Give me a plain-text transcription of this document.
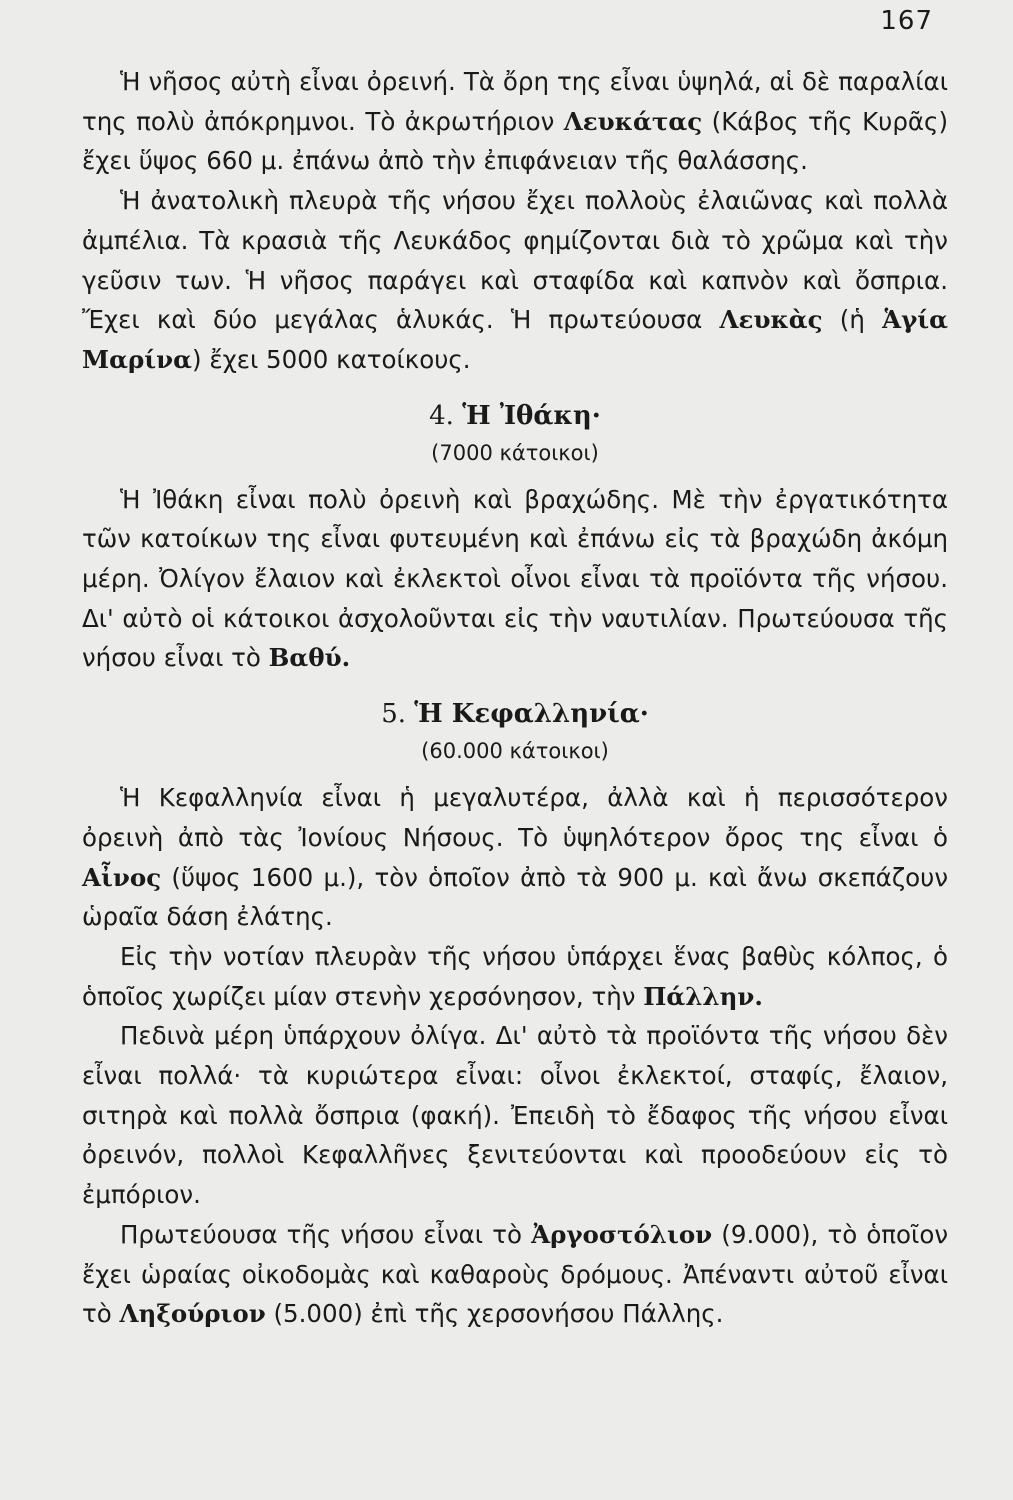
167

Ἡ νῆσος αὐτὴ εἶναι ὀρεινή. Τὰ ὄρη της εἶναι ὑψηλά, αἱ δὲ παραλίαι της πολὺ ἀπόκρημνοι. Τὸ ἀκρωτήριον Λευκάτας (Κάβος τῆς Κυρᾶς) ἔχει ὕψος 660 μ. ἐπάνω ἀπὸ τὴν ἐπιφάνειαν τῆς θαλάσσης.

Ἡ ἀνατολικὴ πλευρὰ τῆς νήσου ἔχει πολλοὺς ἐλαιῶνας καὶ πολλὰ ἀμπέλια. Τὰ κρασιὰ τῆς Λευκάδος φημίζονται διὰ τὸ χρῶμα καὶ τὴν γεῦσιν των. Ἡ νῆσος παράγει καὶ σταφίδα καὶ καπνὸν καὶ ὄσπρια. Ἔχει καὶ δύο μεγάλας ἁλυκάς. Ἡ πρωτεύουσα Λευκὰς (ἡ Ἁγία Μαρίνα) ἔχει 5000 κατοίκους.

4. Ἡ Ἰθάκη·
(7000 κάτοικοι)

Ἡ Ἰθάκη εἶναι πολὺ ὀρεινὴ καὶ βραχώδης. Μὲ τὴν ἐργατικότητα τῶν κατοίκων της εἶναι φυτευμένη καὶ ἐπάνω εἰς τὰ βραχώδη ἀκόμη μέρη. Ὀλίγον ἔλαιον καὶ ἐκλεκτοὶ οἶνοι εἶναι τὰ προϊόντα τῆς νήσου. Δι' αὐτὸ οἱ κάτοικοι ἀσχολοῦνται εἰς τὴν ναυτιλίαν. Πρωτεύουσα τῆς νήσου εἶναι τὸ Βαθύ.

5. Ἡ Κεφαλληνία·
(60.000 κάτοικοι)

Ἡ Κεφαλληνία εἶναι ἡ μεγαλυτέρα, ἀλλὰ καὶ ἡ περισσότερον ὀρεινὴ ἀπὸ τὰς Ἰονίους Νήσους. Τὸ ὑψηλότερον ὄρος της εἶναι ὁ Αἶνος (ὕψος 1600 μ.), τὸν ὁποῖον ἀπὸ τὰ 900 μ. καὶ ἄνω σκεπάζουν ὡραῖα δάση ἐλάτης.

Εἰς τὴν νοτίαν πλευρὰν τῆς νήσου ὑπάρχει ἕνας βαθὺς κόλπος, ὁ ὁποῖος χωρίζει μίαν στενὴν χερσόνησον, τὴν Πάλλην.

Πεδινὰ μέρη ὑπάρχουν ὀλίγα. Δι' αὐτὸ τὰ προϊόντα τῆς νήσου δὲν εἶναι πολλά· τὰ κυριώτερα εἶναι: οἶνοι ἐκλεκτοί, σταφίς, ἔλαιον, σιτηρὰ καὶ πολλὰ ὄσπρια (φακή). Ἐπειδὴ τὸ ἔδαφος τῆς νήσου εἶναι ὀρεινόν, πολλοὶ Κεφαλλῆνες ξενιτεύονται καὶ προοδεύουν εἰς τὸ ἐμπόριον.

Πρωτεύουσα τῆς νήσου εἶναι τὸ Ἀργοστόλιον (9.000), τὸ ὁποῖον ἔχει ὡραίας οἰκοδομὰς καὶ καθαροὺς δρόμους. Ἀπέναντι αὐτοῦ εἶναι τὸ Ληξούριον (5.000) ἐπὶ τῆς χερσονήσου Πάλλης.
